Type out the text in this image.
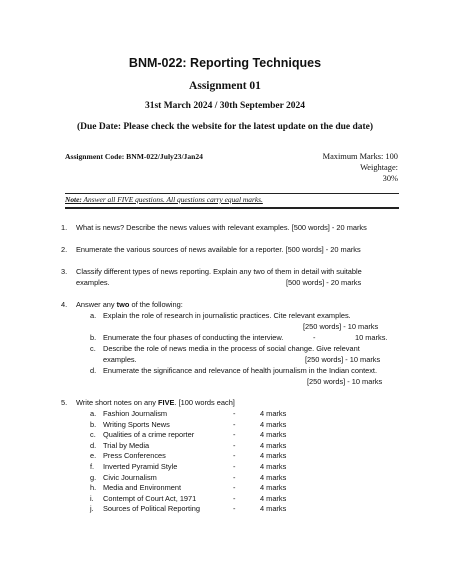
BNM-022: Reporting Techniques
Assignment 01
31st March 2024 / 30th September 2024
(Due Date: Please check the website for the latest update on the due date)
Assignment Code: BNM-022/July23/Jan24	Maximum Marks: 100
Weightage:
30%
Note: Answer all FIVE questions. All questions carry equal marks.
1. What is news? Describe the news values with relevant examples. [500 words] - 20 marks
2. Enumerate the various sources of news available for a reporter. [500 words] - 20 marks
3. Classify different types of news reporting. Explain any two of them in detail with suitable
examples.	[500 words] - 20 marks
4. Answer any two of the following:
a. Explain the role of research in journalistic practices. Cite relevant examples.
[250 words] - 10 marks
b. Enumerate the four phases of conducting the interview.	-	10 marks.
c. Describe the role of news media in the process of social change. Give relevant
examples.	[250 words] - 10 marks
d. Enumerate the significance and relevance of health journalism in the Indian context.
[250 words] - 10 marks
5. Write short notes on any FIVE. [100 words each]
a. Fashion Journalism	-	4 marks
b. Writing Sports News	-	4 marks
c. Qualities of a crime reporter	-	4 marks
d. Trial by Media	-	4 marks
e. Press Conferences	-	4 marks
f. Inverted Pyramid Style	-	4 marks
g. Civic Journalism	-	4 marks
h. Media and Environment	-	4 marks
i. Contempt of Court Act, 1971	-	4 marks
j. Sources of Political Reporting	-	4 marks
